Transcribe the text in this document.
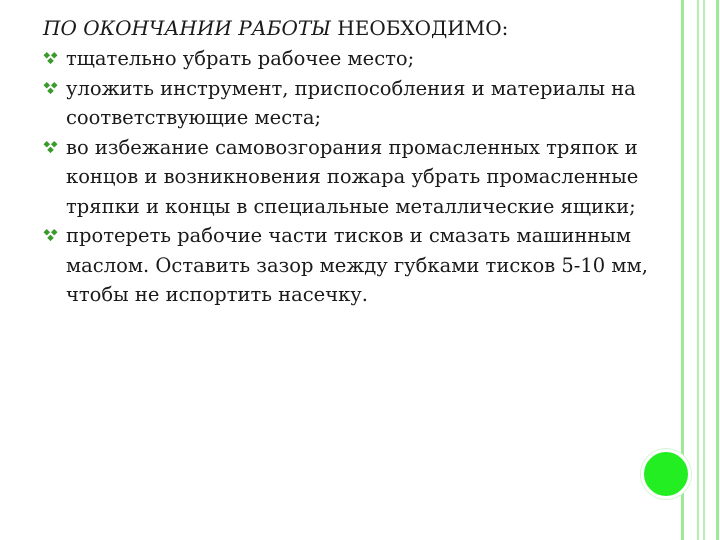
ПО ОКОНЧАНИИ РАБОТЫ НЕОБХОДИМО:
тщательно убрать рабочее место;
уложить инструмент, приспособления и материалы на соответствующие места;
во избежание самовозгорания промасленных тряпок и концов и возникновения пожара убрать промасленные тряпки и концы в специальные металлические ящики;
протереть рабочие части тисков и смазать машинным маслом. Оставить зазор между губками тисков 5-10 мм, чтобы не испортить насечку.
